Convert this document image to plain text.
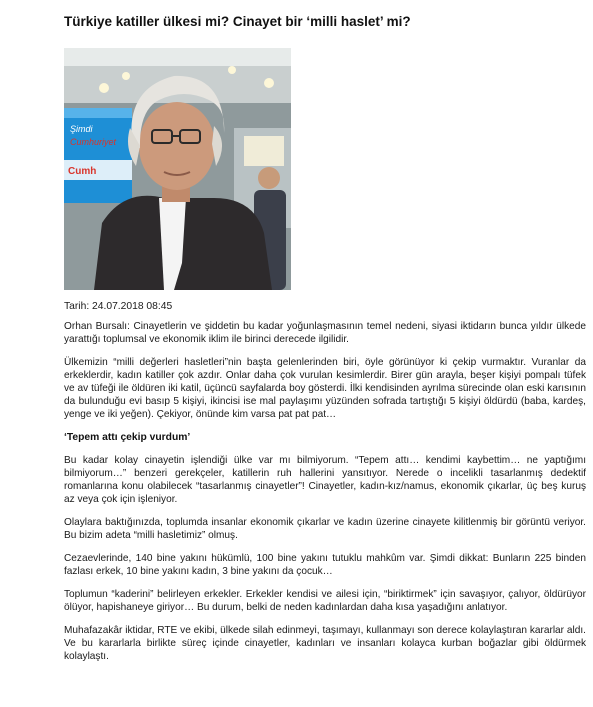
Türkiye katiller ülkesi mi? Cinayet bir ‘milli haslet’ mi?
Şimdi
Cumhuriyet
Cumh
Tarih: 24.07.2018 08:45

Orhan Bursalı: Cinayetlerin ve şiddetin bu kadar yoğunlaşmasının temel nedeni, siyasi iktidarın bunca yıldır ülkede yarattığı toplumsal ve ekonomik iklim ile birinci derecede ilgilidir.

Ülkemizin “milli değerleri hasletleri”nin başta gelenlerinden biri, öyle görünüyor ki çekip vurmaktır. Vuranlar da erkeklerdir, kadın katiller çok azdır. Onlar daha çok vurulan kesimlerdir. Birer gün arayla, beşer kişiyi pompalı tüfek ve av tüfeği ile öldüren iki katil, üçüncü sayfalarda boy gösterdi. İlki kendisinden ayrılma sürecinde olan eski karısının da bulunduğu evi basıp 5 kişiyi, ikincisi ise mal paylaşımı yüzünden sofrada tartıştığı 5 kişiyi öldürdü (baba, kardeş, yenge ve iki yeğen). Çekiyor, önünde kim varsa pat pat pat…

‘Tepem attı çekip vurdum’

Bu kadar kolay cinayetin işlendiği ülke var mı bilmiyorum. “Tepem attı… kendimi kaybettim… ne yaptığımı bilmiyorum…” benzeri gerekçeler, katillerin ruh hallerini yansıtıyor. Nerede o incelikli tasarlanmış dedektif romanlarına konu olabilecek “tasarlanmış cinayetler”! Cinayetler, kadın-kız/namus, ekonomik çıkarlar, üç beş kuruş az veya çok için işleniyor.

Olaylara baktığınızda, toplumda insanlar ekonomik çıkarlar ve kadın üzerine cinayete kilitlenmiş bir görüntü veriyor. Bu bizim adeta “milli hasletimiz” olmuş.

Cezaevlerinde, 140 bine yakını hükümlü, 100 bine yakını tutuklu mahkûm var. Şimdi dikkat: Bunların 225 binden fazlası erkek, 10 bine yakını kadın, 3 bine yakını da çocuk…

Toplumun “kaderini” belirleyen erkekler. Erkekler kendisi ve ailesi için, “biriktirmek” için savaşıyor, çalıyor, öldürüyor ölüyor, hapishaneye giriyor… Bu durum, belki de neden kadınlardan daha kısa yaşadığını anlatıyor.

Muhafazakâr iktidar, RTE ve ekibi, ülkede silah edinmeyi, taşımayı, kullanmayı son derece kolaylaştıran kararlar aldı. Ve bu kararlarla birlikte süreç içinde cinayetler, kadınları ve insanları kolayca kurban boğazlar gibi öldürmek kolaylaştı.
